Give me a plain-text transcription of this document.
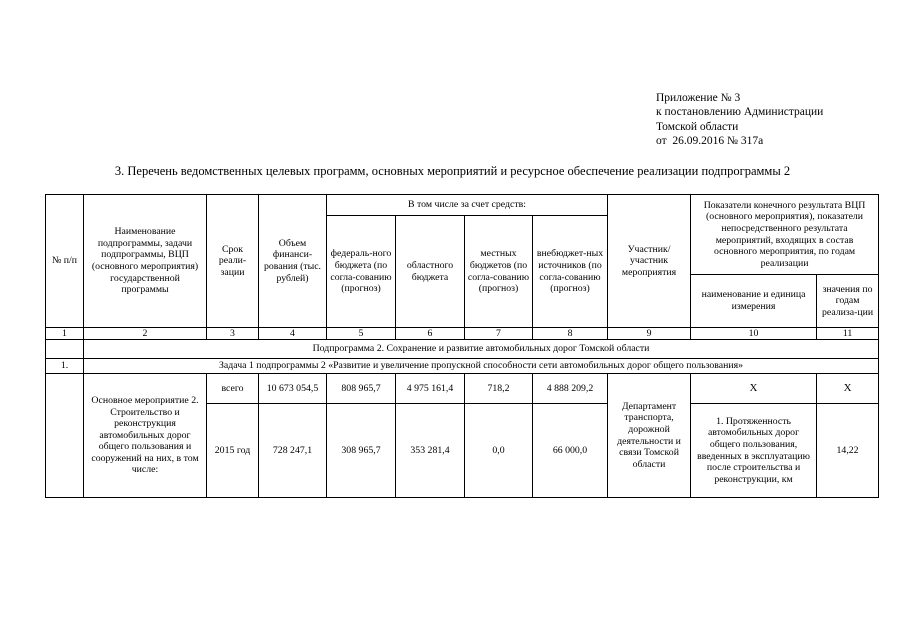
Приложение № 3
к постановлению Администрации
Томской области
от  26.09.2016 № 317а
3. Перечень ведомственных целевых программ, основных мероприятий и ресурсное обеспечение реализации подпрограммы 2
№ п/п	Наименование подпрограммы, задачи подпрограммы, ВЦП (основного мероприятия) государственной программы	Срок реали-зации	Объем финанси-рования (тыс. рублей)	В том числе за счет средств:				Участник/ участник мероприятия	Показатели конечного результата ВЦП (основного мероприятия), показатели непосредственного результата мероприятий, входящих в состав основного мероприятия, по годам реализации	
				федераль-ного бюджета (по согла-сованию (прогноз)	областного бюджета	местных бюджетов (по согла-сованию (прогноз)	внебюджет-ных источников (по согла-сованию (прогноз)			
									наименование и единица измерения	значения по годам реализа-ции
1	2	3	4	5	6	7	8	9	10	11
	Подпрограмма 2. Сохранение и развитие автомобильных дорог Томской области									
1.	Задача 1 подпрограммы 2 «Развитие и увеличение пропускной способности сети автомобильных дорог общего пользования»									
	Основное мероприятие 2. Строительство и реконструкция автомобильных дорог общего пользования и сооружений на них, в том числе:	всего	10 673 054,5	808 965,7	4 975 161,4	718,2	4 888 209,2	Департамент транспорта, дорожной деятельности и связи Томской области	Х	Х
		2015 год	728 247,1	308 965,7	353 281,4	0,0	66 000,0		1. Протяженность автомобильных дорог общего пользования, введенных в эксплуатацию после строительства и реконструкции, км	14,22
